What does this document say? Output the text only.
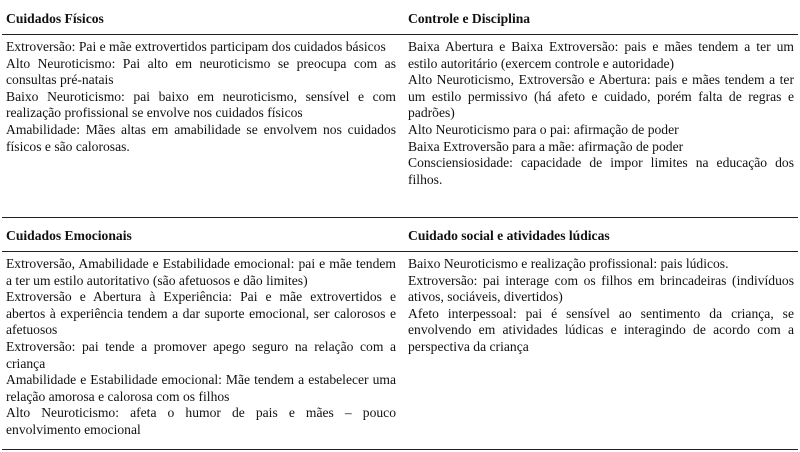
Cuidados Físicos

Extroversão: Pai e mãe extrovertidos participam dos cuidados básicos

Alto Neuroticismo: Pai alto em neuroticismo se preocupa com as consultas pré-natais

Baixo Neuroticismo: pai baixo em neuroticismo, sensível e com realização profissional se envolve nos cuidados físicos

Amabilidade: Mães altas em amabilidade se envolvem nos cuidados físicos e são calorosas.

Controle e Disciplina

Baixa Abertura e Baixa Extroversão: pais e mães tendem a ter um estilo autoritário (exercem controle e autoridade)

Alto Neuroticismo, Extroversão e Abertura: pais e mães tendem a ter um estilo permissivo (há afeto e cuidado, porém falta de regras e padrões)

Alto Neuroticismo para o pai: afirmação de poder

Baixa Extroversão para a mãe: afirmação de poder

Consciensiosidade: capacidade de impor limites na educação dos filhos.

Cuidados Emocionais

Extroversão, Amabilidade e Estabilidade emocional: pai e mãe tendem a ter um estilo autoritativo (são afetuosos e dão limites)

Extroversão e Abertura à Experiência: Pai e mãe extrovertidos e abertos à experiência tendem a dar suporte emocional, ser calorosos e afetuosos

Extroversão: pai tende a promover apego seguro na relação com a criança

Amabilidade e Estabilidade emocional: Mãe tendem a estabelecer uma relação amorosa e calorosa com os filhos

Alto Neuroticismo: afeta o humor de pais e mães – pouco envolvimento emocional

Cuidado social e atividades lúdicas

Baixo Neuroticismo e realização profissional: pais lúdicos.

Extroversão: pai interage com os filhos em brincadeiras (indivíduos ativos, sociáveis, divertidos)

Afeto interpessoal: pai é sensível ao sentimento da criança, se envolvendo em atividades lúdicas e interagindo de acordo com a perspectiva da criança
